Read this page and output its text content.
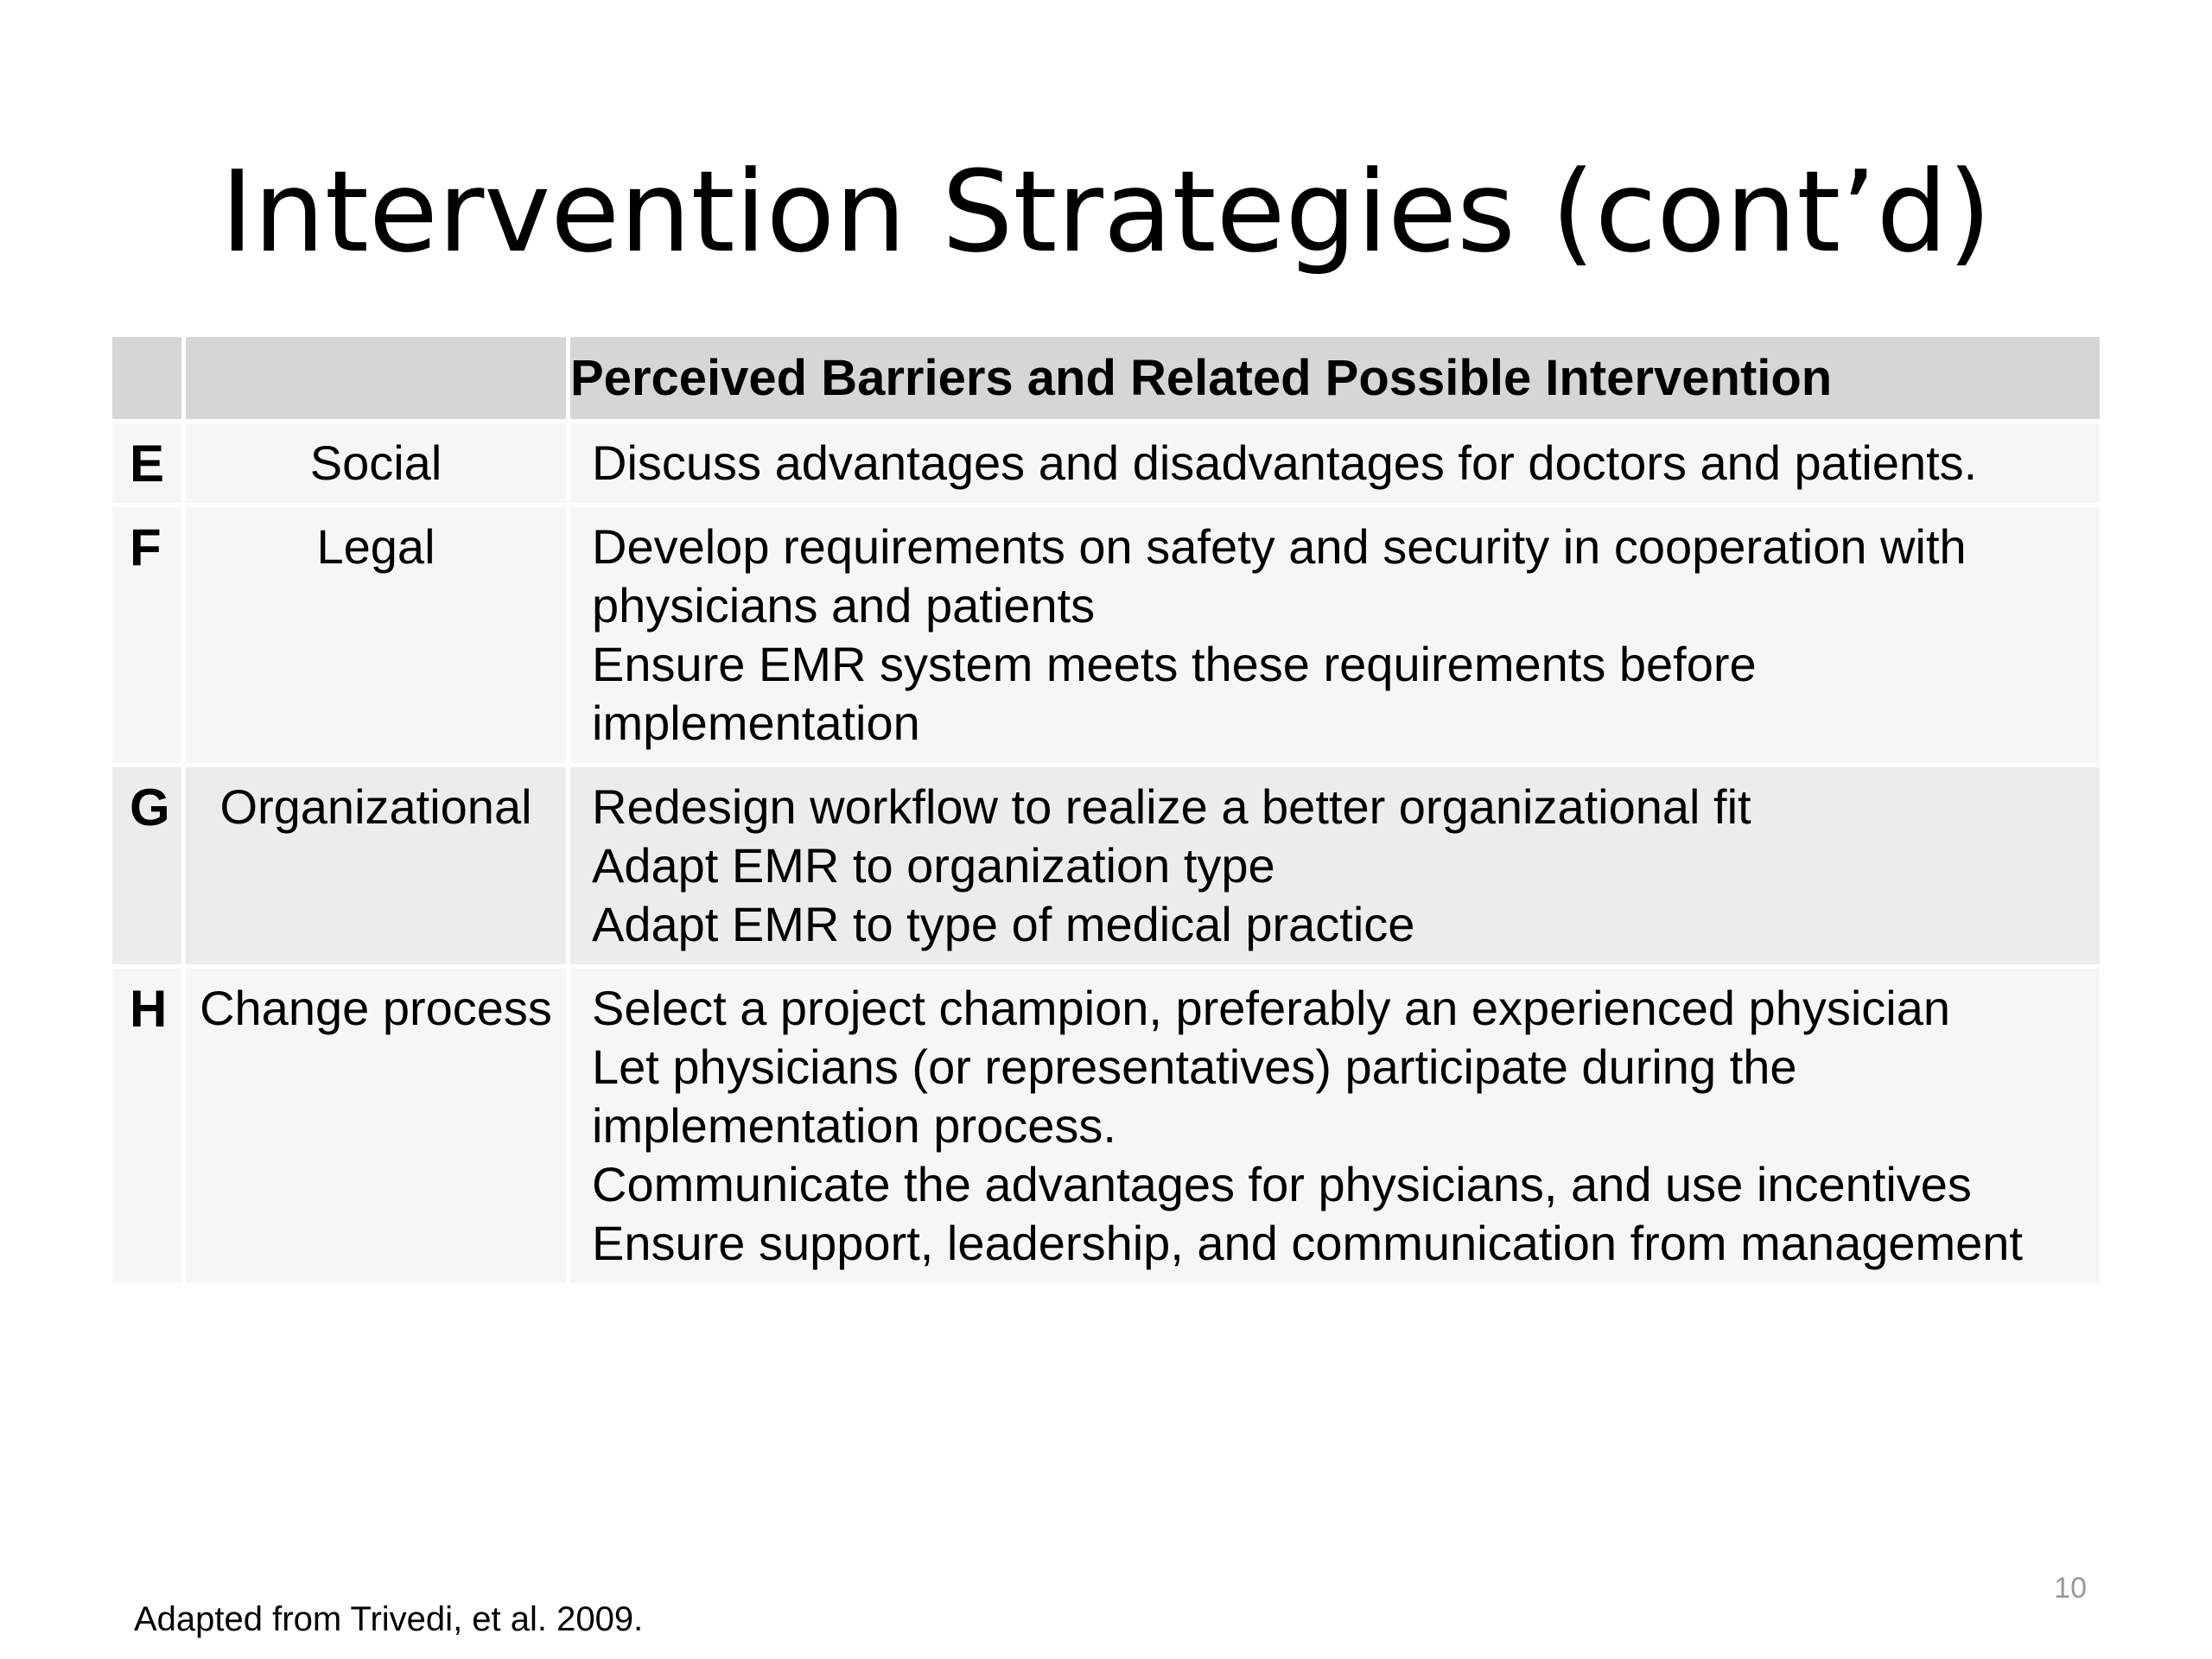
Intervention Strategies (cont’d)
		Perceived Barriers and Related Possible Intervention
E	Social	Discuss advantages and disadvantages for doctors and patients.

F	Legal	Develop requirements on safety and security in cooperation with physicians and patients
Ensure EMR system meets these requirements before implementation

G	Organizational	Redesign workflow to realize a better organizational fit
Adapt EMR to organization type
Adapt EMR to type of medical practice

H	Change process	Select a project champion, preferably an experienced physician
Let physicians (or representatives) participate during the implementation process.
Communicate the advantages for physicians, and use incentives
Ensure support, leadership, and communication from management
Adapted from Trivedi, et al. 2009.
10
